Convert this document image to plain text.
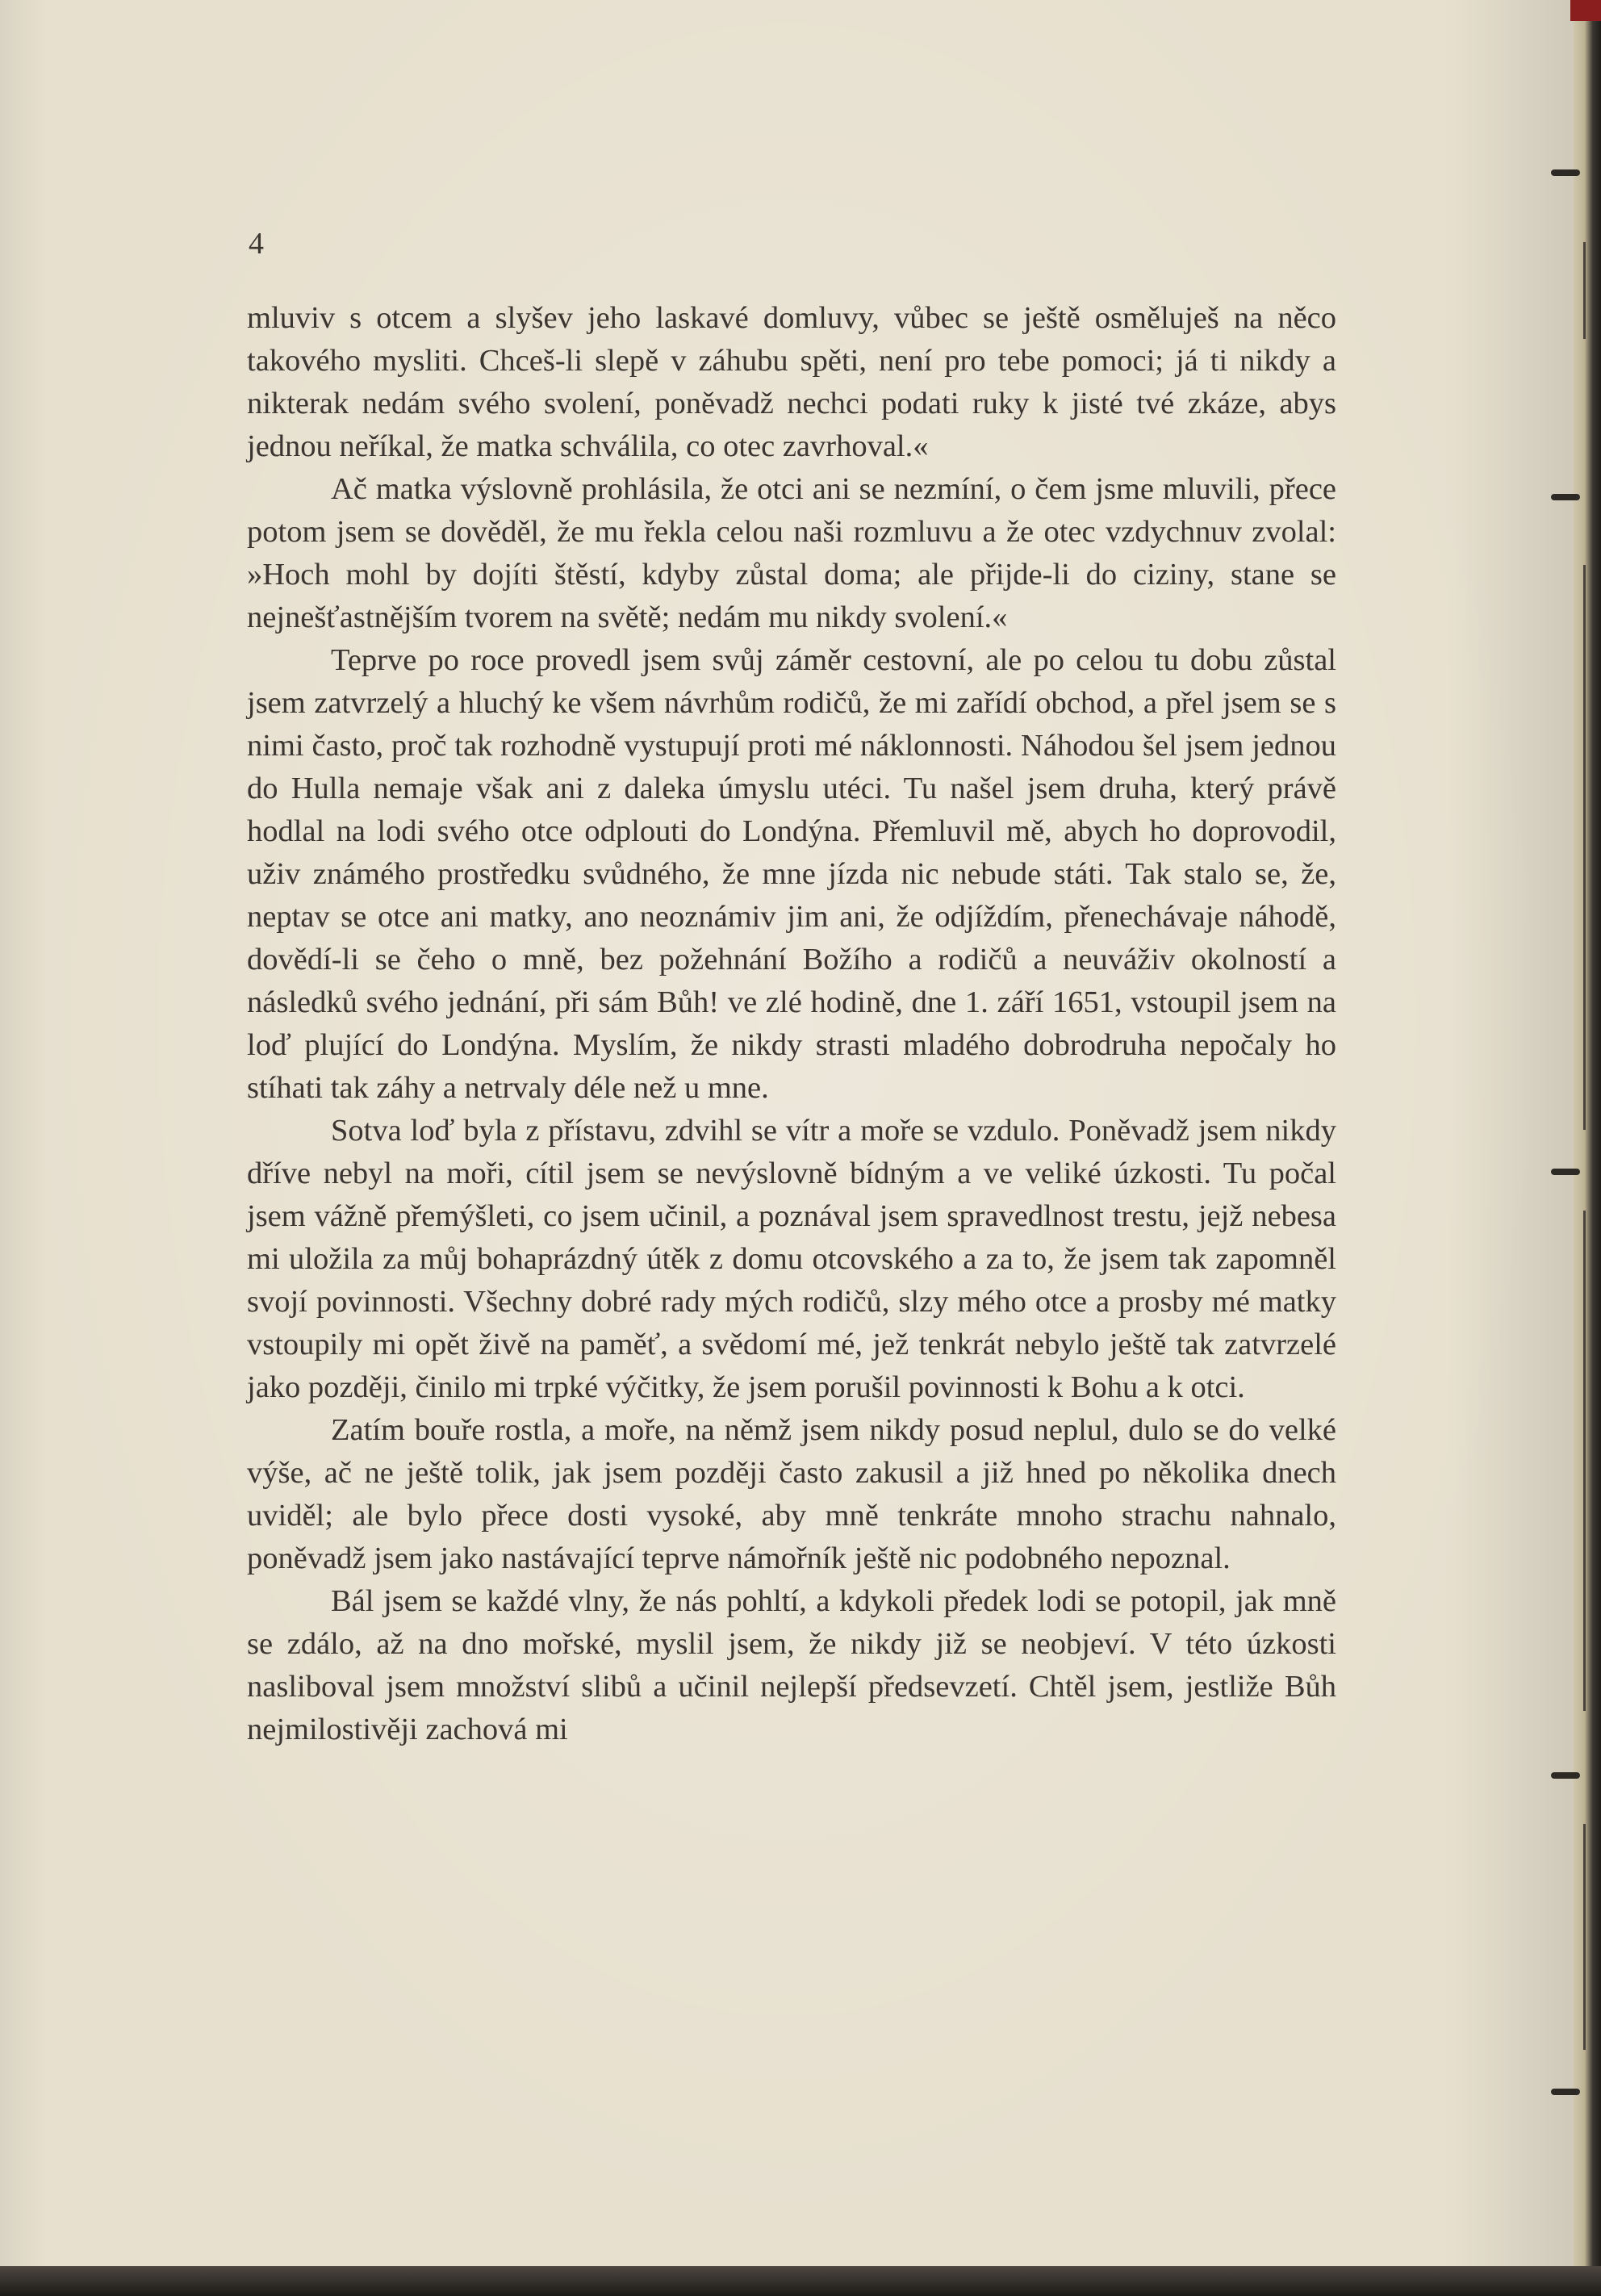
4

mluviv s otcem a slyšev jeho laskavé domluvy, vůbec se ještě osměluješ na něco takového mysliti. Chceš-li slepě v záhubu spěti, není pro tebe pomoci; já ti nikdy a nikterak nedám svého svolení, poněvadž nechci podati ruky k jisté tvé zkáze, abys jednou neříkal, že matka schválila, co otec zavrhoval.«

Ač matka výslovně prohlásila, že otci ani se nezmíní, o čem jsme mluvili, přece potom jsem se dověděl, že mu řekla celou naši rozmluvu a že otec vzdychnuv zvolal: »Hoch mohl by dojíti štěstí, kdyby zůstal doma; ale přijde-li do ciziny, stane se nejnešťastnějším tvorem na světě; nedám mu nikdy svolení.«

Teprve po roce provedl jsem svůj záměr cestovní, ale po celou tu dobu zůstal jsem zatvrzelý a hluchý ke všem návrhům rodičů, že mi zařídí obchod, a přel jsem se s nimi často, proč tak rozhodně vystupují proti mé náklonnosti. Náhodou šel jsem jednou do Hulla nemaje však ani z daleka úmyslu utéci. Tu našel jsem druha, který právě hodlal na lodi svého otce odplouti do Londýna. Přemluvil mě, abych ho doprovodil, uživ známého prostředku svůdného, že mne jízda nic nebude státi. Tak stalo se, že, neptav se otce ani matky, ano neoznámiv jim ani, že odjíždím, přenechávaje náhodě, dovědí-li se čeho o mně, bez požehnání Božího a rodičů a neuváživ okolností a následků svého jednání, při sám Bůh! ve zlé hodině, dne 1. září 1651, vstoupil jsem na loď plující do Londýna. Myslím, že nikdy strasti mladého dobrodruha nepočaly ho stíhati tak záhy a netrvaly déle než u mne.

Sotva loď byla z přístavu, zdvihl se vítr a moře se vzdulo. Poněvadž jsem nikdy dříve nebyl na moři, cítil jsem se nevýslovně bídným a ve veliké úzkosti. Tu počal jsem vážně přemýšleti, co jsem učinil, a poznával jsem spravedlnost trestu, jejž nebesa mi uložila za můj bohaprázdný útěk z domu otcovského a za to, že jsem tak zapomněl svojí povinnosti. Všechny dobré rady mých rodičů, slzy mého otce a prosby mé matky vstoupily mi opět živě na paměť, a svědomí mé, jež tenkrát nebylo ještě tak zatvrzelé jako později, činilo mi trpké výčitky, že jsem porušil povinnosti k Bohu a k otci.

Zatím bouře rostla, a moře, na němž jsem nikdy posud neplul, dulo se do velké výše, ač ne ještě tolik, jak jsem později často zakusil a již hned po několika dnech uviděl; ale bylo přece dosti vysoké, aby mně tenkráte mnoho strachu nahnalo, poněvadž jsem jako nastávající teprve námořník ještě nic podobného nepoznal.

Bál jsem se každé vlny, že nás pohltí, a kdykoli předek lodi se potopil, jak mně se zdálo, až na dno mořské, myslil jsem, že nikdy již se neobjeví. V této úzkosti nasliboval jsem množství slibů a učinil nejlepší předsevzetí. Chtěl jsem, jestliže Bůh nejmilostivěji zachová mi
